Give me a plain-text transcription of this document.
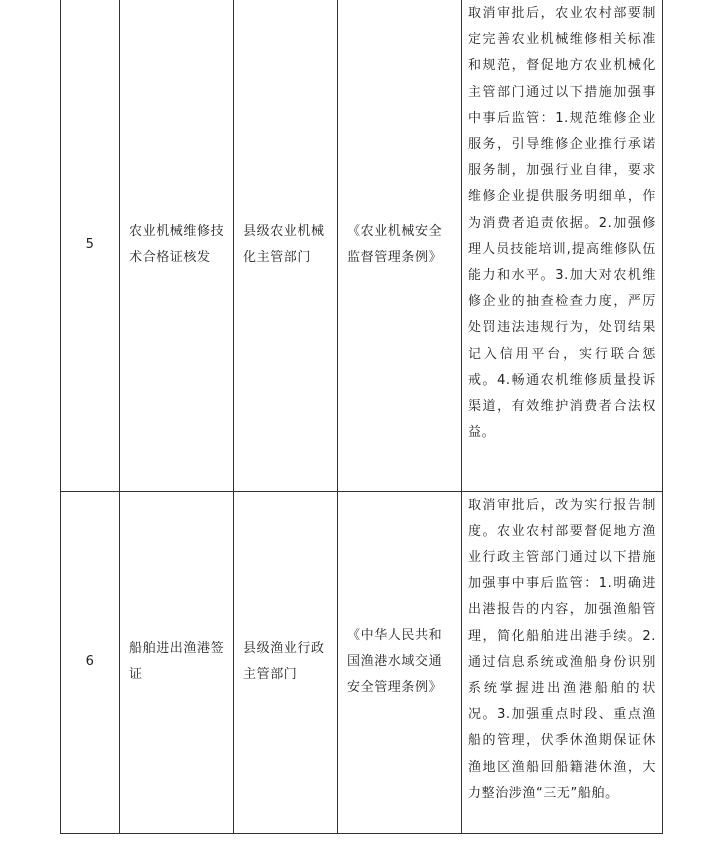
5	农业机械维修技术合格证核发	县级农业机械化主管部门	《农业机械安全监督管理条例》	取消审批后，农业农村部要制定完善农业机械维修相关标准和规范，督促地方农业机械化主管部门通过以下措施加强事中事后监管：1.规范维修企业服务，引导维修企业推行承诺服务制，加强行业自律，要求维修企业提供服务明细单，作为消费者追责依据。2.加强修理人员技能培训,提高维修队伍能力和水平。3.加大对农机维修企业的抽查检查力度，严厉处罚违法违规行为，处罚结果记入信用平台，实行联合惩戒。4.畅通农机维修质量投诉渠道，有效维护消费者合法权益。
6	船舶进出渔港签证	县级渔业行政主管部门	《中华人民共和国渔港水域交通安全管理条例》	取消审批后，改为实行报告制度。农业农村部要督促地方渔业行政主管部门通过以下措施加强事中事后监管：1.明确进出港报告的内容，加强渔船管理，简化船舶进出港手续。2.通过信息系统或渔船身份识别系统掌握进出渔港船舶的状况。3.加强重点时段、重点渔船的管理，伏季休渔期保证休渔地区渔船回船籍港休渔，大力整治涉渔“三无”船舶。
